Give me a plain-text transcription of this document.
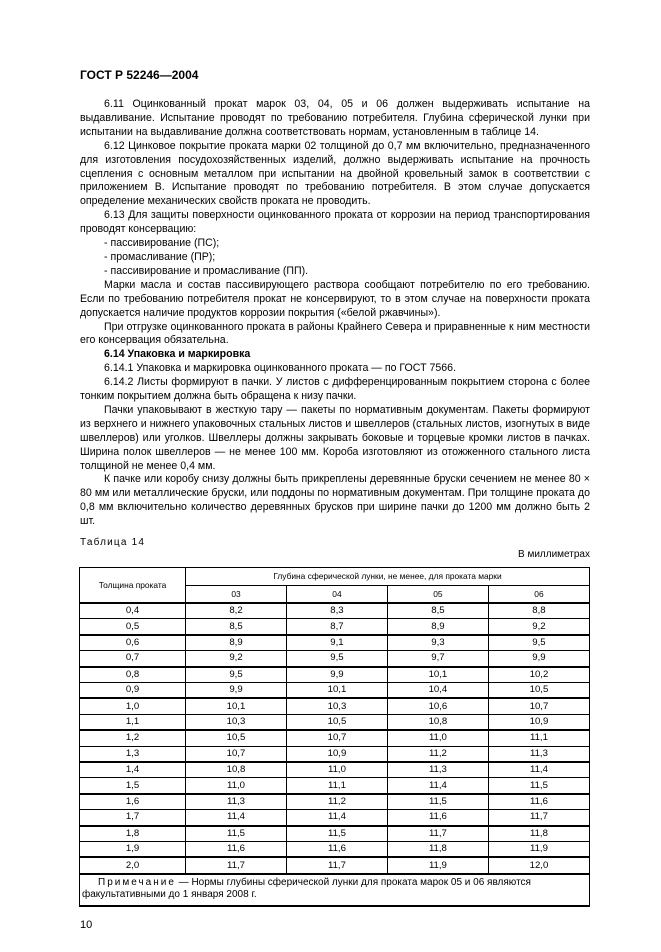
ГОСТ Р 52246—2004

6.11 Оцинкованный прокат марок 03, 04, 05 и 06 должен выдерживать испытание на выдавливание. Испытание проводят по требованию потребителя. Глубина сферической лунки при испытании на выдавливание должна соответствовать нормам, установленным в таблице 14.

6.12 Цинковое покрытие проката марки 02 толщиной до 0,7 мм включительно, предназначенного для изготовления посудохозяйственных изделий, должно выдерживать испытание на прочность сцепления с основным металлом при испытании на двойной кровельный замок в соответствии с приложением В. Испытание проводят по требованию потребителя. В этом случае допускается определение механических свойств проката не проводить.

6.13 Для защиты поверхности оцинкованного проката от коррозии на период транспортирования проводят консервацию:

- пассивирование (ПС);

- промасливание (ПР);

- пассивирование и промасливание (ПП).

Марки масла и состав пассивирующего раствора сообщают потребителю по его требованию. Если по требованию потребителя прокат не консервируют, то в этом случае на поверхности проката допускается наличие продуктов коррозии покрытия («белой ржавчины»).

При отгрузке оцинкованного проката в районы Крайнего Севера и приравненные к ним местности его консервация обязательна.

6.14 Упаковка и маркировка

6.14.1 Упаковка и маркировка оцинкованного проката — по ГОСТ 7566.

6.14.2 Листы формируют в пачки. У листов с дифференцированным покрытием сторона с более тонким покрытием должна быть обращена к низу пачки.

Пачки упаковывают в жесткую тару — пакеты по нормативным документам. Пакеты формируют из верхнего и нижнего упаковочных стальных листов и швеллеров (стальных листов, изогнутых в виде швеллеров) или уголков. Швеллеры должны закрывать боковые и торцевые кромки листов в пачках. Ширина полок швеллеров — не менее 100 мм. Короба изготовляют из отожженного стального листа толщиной не менее 0,4 мм.

К пачке или коробу снизу должны быть прикреплены деревянные бруски сечением не менее 80 × 80 мм или металлические бруски, или поддоны по нормативным документам. При толщине проката до 0,8 мм включительно количество деревянных брусков при ширине пачки до 1200 мм должно быть 2 шт.

Таблица 14
В миллиметрах
Толщина проката	Глубина сферической лунки, не менее, для проката марки			
	03	04	05	06
0,4	8,2	8,3	8,5	8,8
0,5	8,5	8,7	8,9	9,2
0,6	8,9	9,1	9,3	9,5
0,7	9,2	9,5	9,7	9,9
0,8	9,5	9,9	10,1	10,2
0,9	9,9	10,1	10,4	10,5
1,0	10,1	10,3	10,6	10,7
1,1	10,3	10,5	10,8	10,9
1,2	10,5	10,7	11,0	11,1
1,3	10,7	10,9	11,2	11,3
1,4	10,8	11,0	11,3	11,4
1,5	11,0	11,1	11,4	11,5
1,6	11,3	11,2	11,5	11,6
1,7	11,4	11,4	11,6	11,7
1,8	11,5	11,5	11,7	11,8
1,9	11,6	11,6	11,8	11,9
2,0	11,7	11,7	11,9	12,0
Примечание — Нормы глубины сферической лунки для проката марок 05 и 06 являются факультативными до 1 января 2008 г.				
10
